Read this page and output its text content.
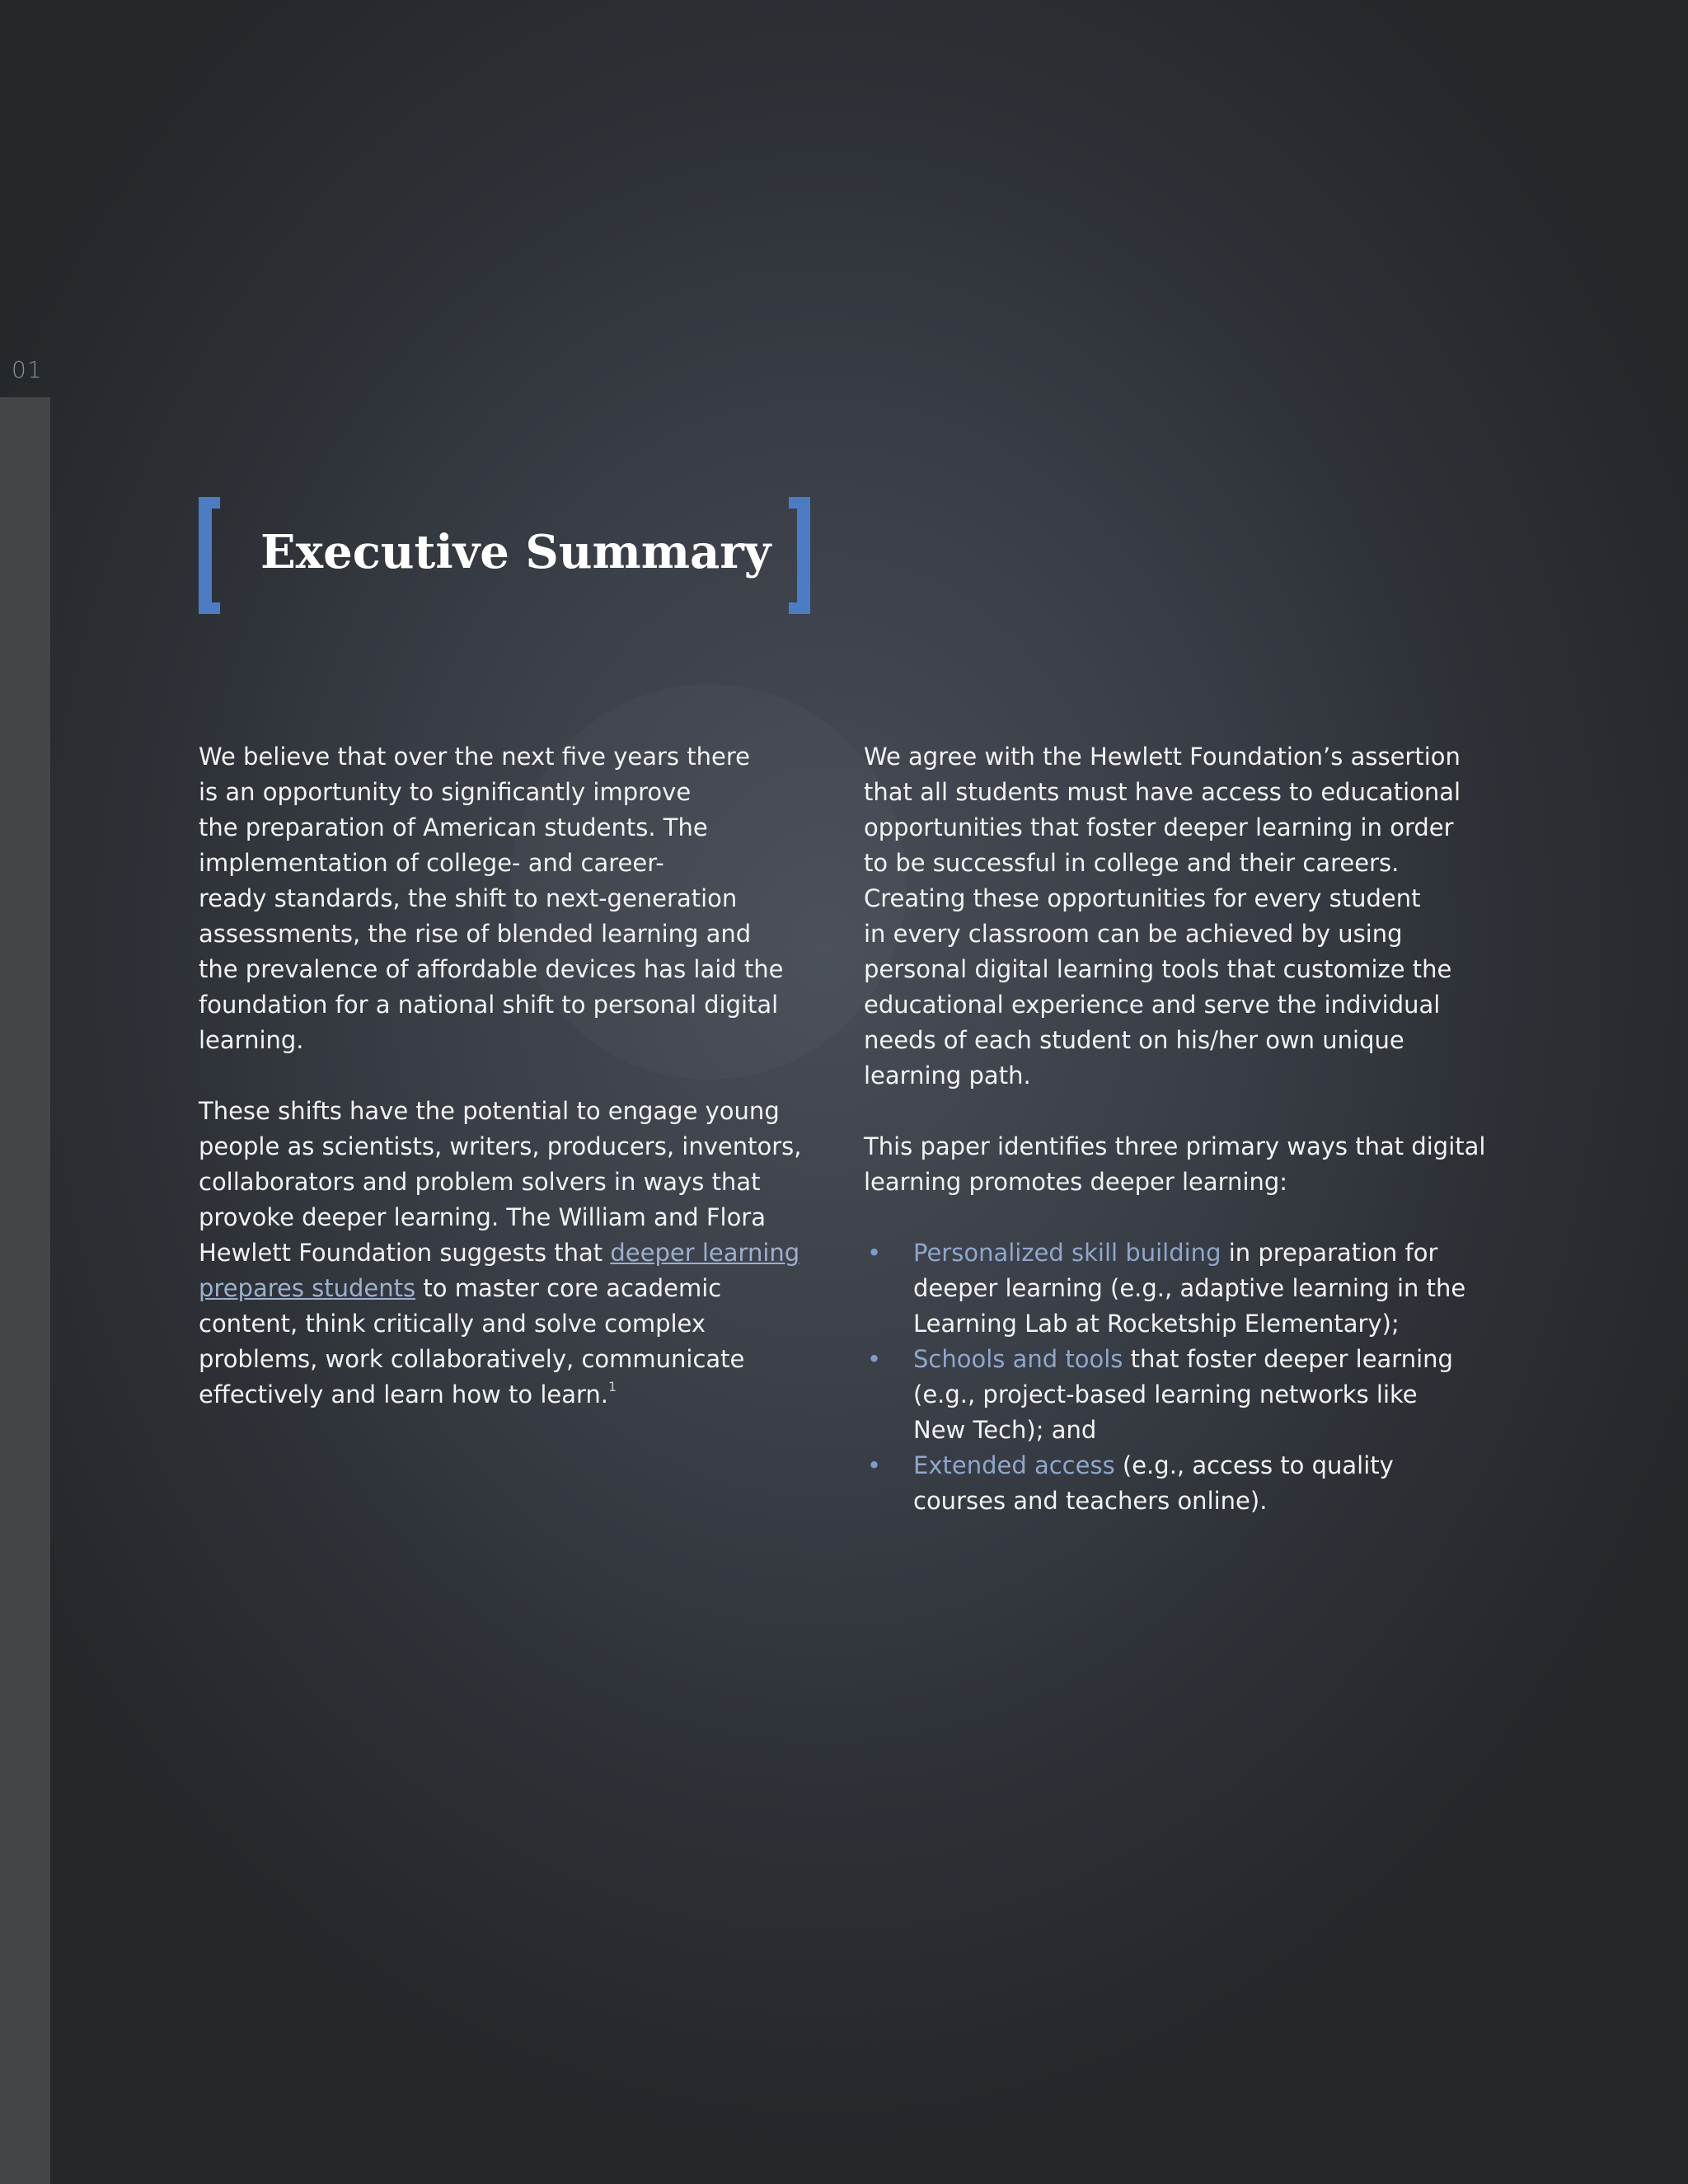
01
Executive Summary

We believe that over the next five years there
is an opportunity to significantly improve
the preparation of American students. The
implementation of college- and career-
ready standards, the shift to next-generation
assessments, the rise of blended learning and
the prevalence of affordable devices has laid the
foundation for a national shift to personal digital
learning.

These shifts have the potential to engage young
people as scientists, writers, producers, inventors,
collaborators and problem solvers in ways that
provoke deeper learning. The William and Flora
Hewlett Foundation suggests that deeper learning
prepares students to master core academic
content, think critically and solve complex
problems, work collaboratively, communicate
effectively and learn how to learn.$^1$

We agree with the Hewlett Foundation’s assertion
that all students must have access to educational
opportunities that foster deeper learning in order
to be successful in college and their careers.
Creating these opportunities for every student
in every classroom can be achieved by using
personal digital learning tools that customize the
educational experience and serve the individual
needs of each student on his/her own unique
learning path.

This paper identifies three primary ways that digital
learning promotes deeper learning:

• Personalized skill building in preparation for
deeper learning (e.g., adaptive learning in the
Learning Lab at Rocketship Elementary);
• Schools and tools that foster deeper learning
(e.g., project-based learning networks like
New Tech); and
• Extended access (e.g., access to quality
courses and teachers online).
